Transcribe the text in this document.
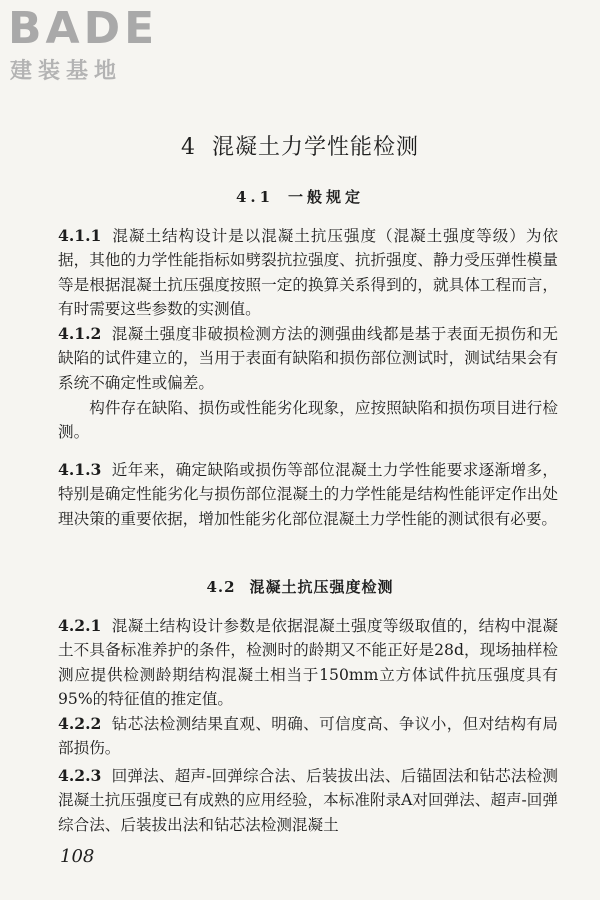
BADE
建装基地
4 混凝土力学性能检测
4.1 一般规定
4.1.1 混凝土结构设计是以混凝土抗压强度（混凝土强度等级）为依据，其他的力学性能指标如劈裂抗拉强度、抗折强度、静力受压弹性模量等是根据混凝土抗压强度按照一定的换算关系得到的，就具体工程而言，有时需要这些参数的实测值。
4.1.2 混凝土强度非破损检测方法的测强曲线都是基于表面无损伤和无缺陷的试件建立的，当用于表面有缺陷和损伤部位测试时，测试结果会有系统不确定性或偏差。
构件存在缺陷、损伤或性能劣化现象，应按照缺陷和损伤项目进行检测。
4.1.3 近年来，确定缺陷或损伤等部位混凝土力学性能要求逐渐增多，特别是确定性能劣化与损伤部位混凝土的力学性能是结构性能评定作出处理决策的重要依据，增加性能劣化部位混凝土力学性能的测试很有必要。
4.2 混凝土抗压强度检测
4.2.1 混凝土结构设计参数是依据混凝土强度等级取值的，结构中混凝土不具备标准养护的条件，检测时的龄期又不能正好是28d，现场抽样检测应提供检测龄期结构混凝土相当于150mm立方体试件抗压强度具有95%的特征值的推定值。
4.2.2 钻芯法检测结果直观、明确、可信度高、争议小，但对结构有局部损伤。
4.2.3 回弹法、超声-回弹综合法、后装拔出法、后锚固法和钻芯法检测混凝土抗压强度已有成熟的应用经验，本标准附录A对回弹法、超声-回弹综合法、后装拔出法和钻芯法检测混凝土
108
